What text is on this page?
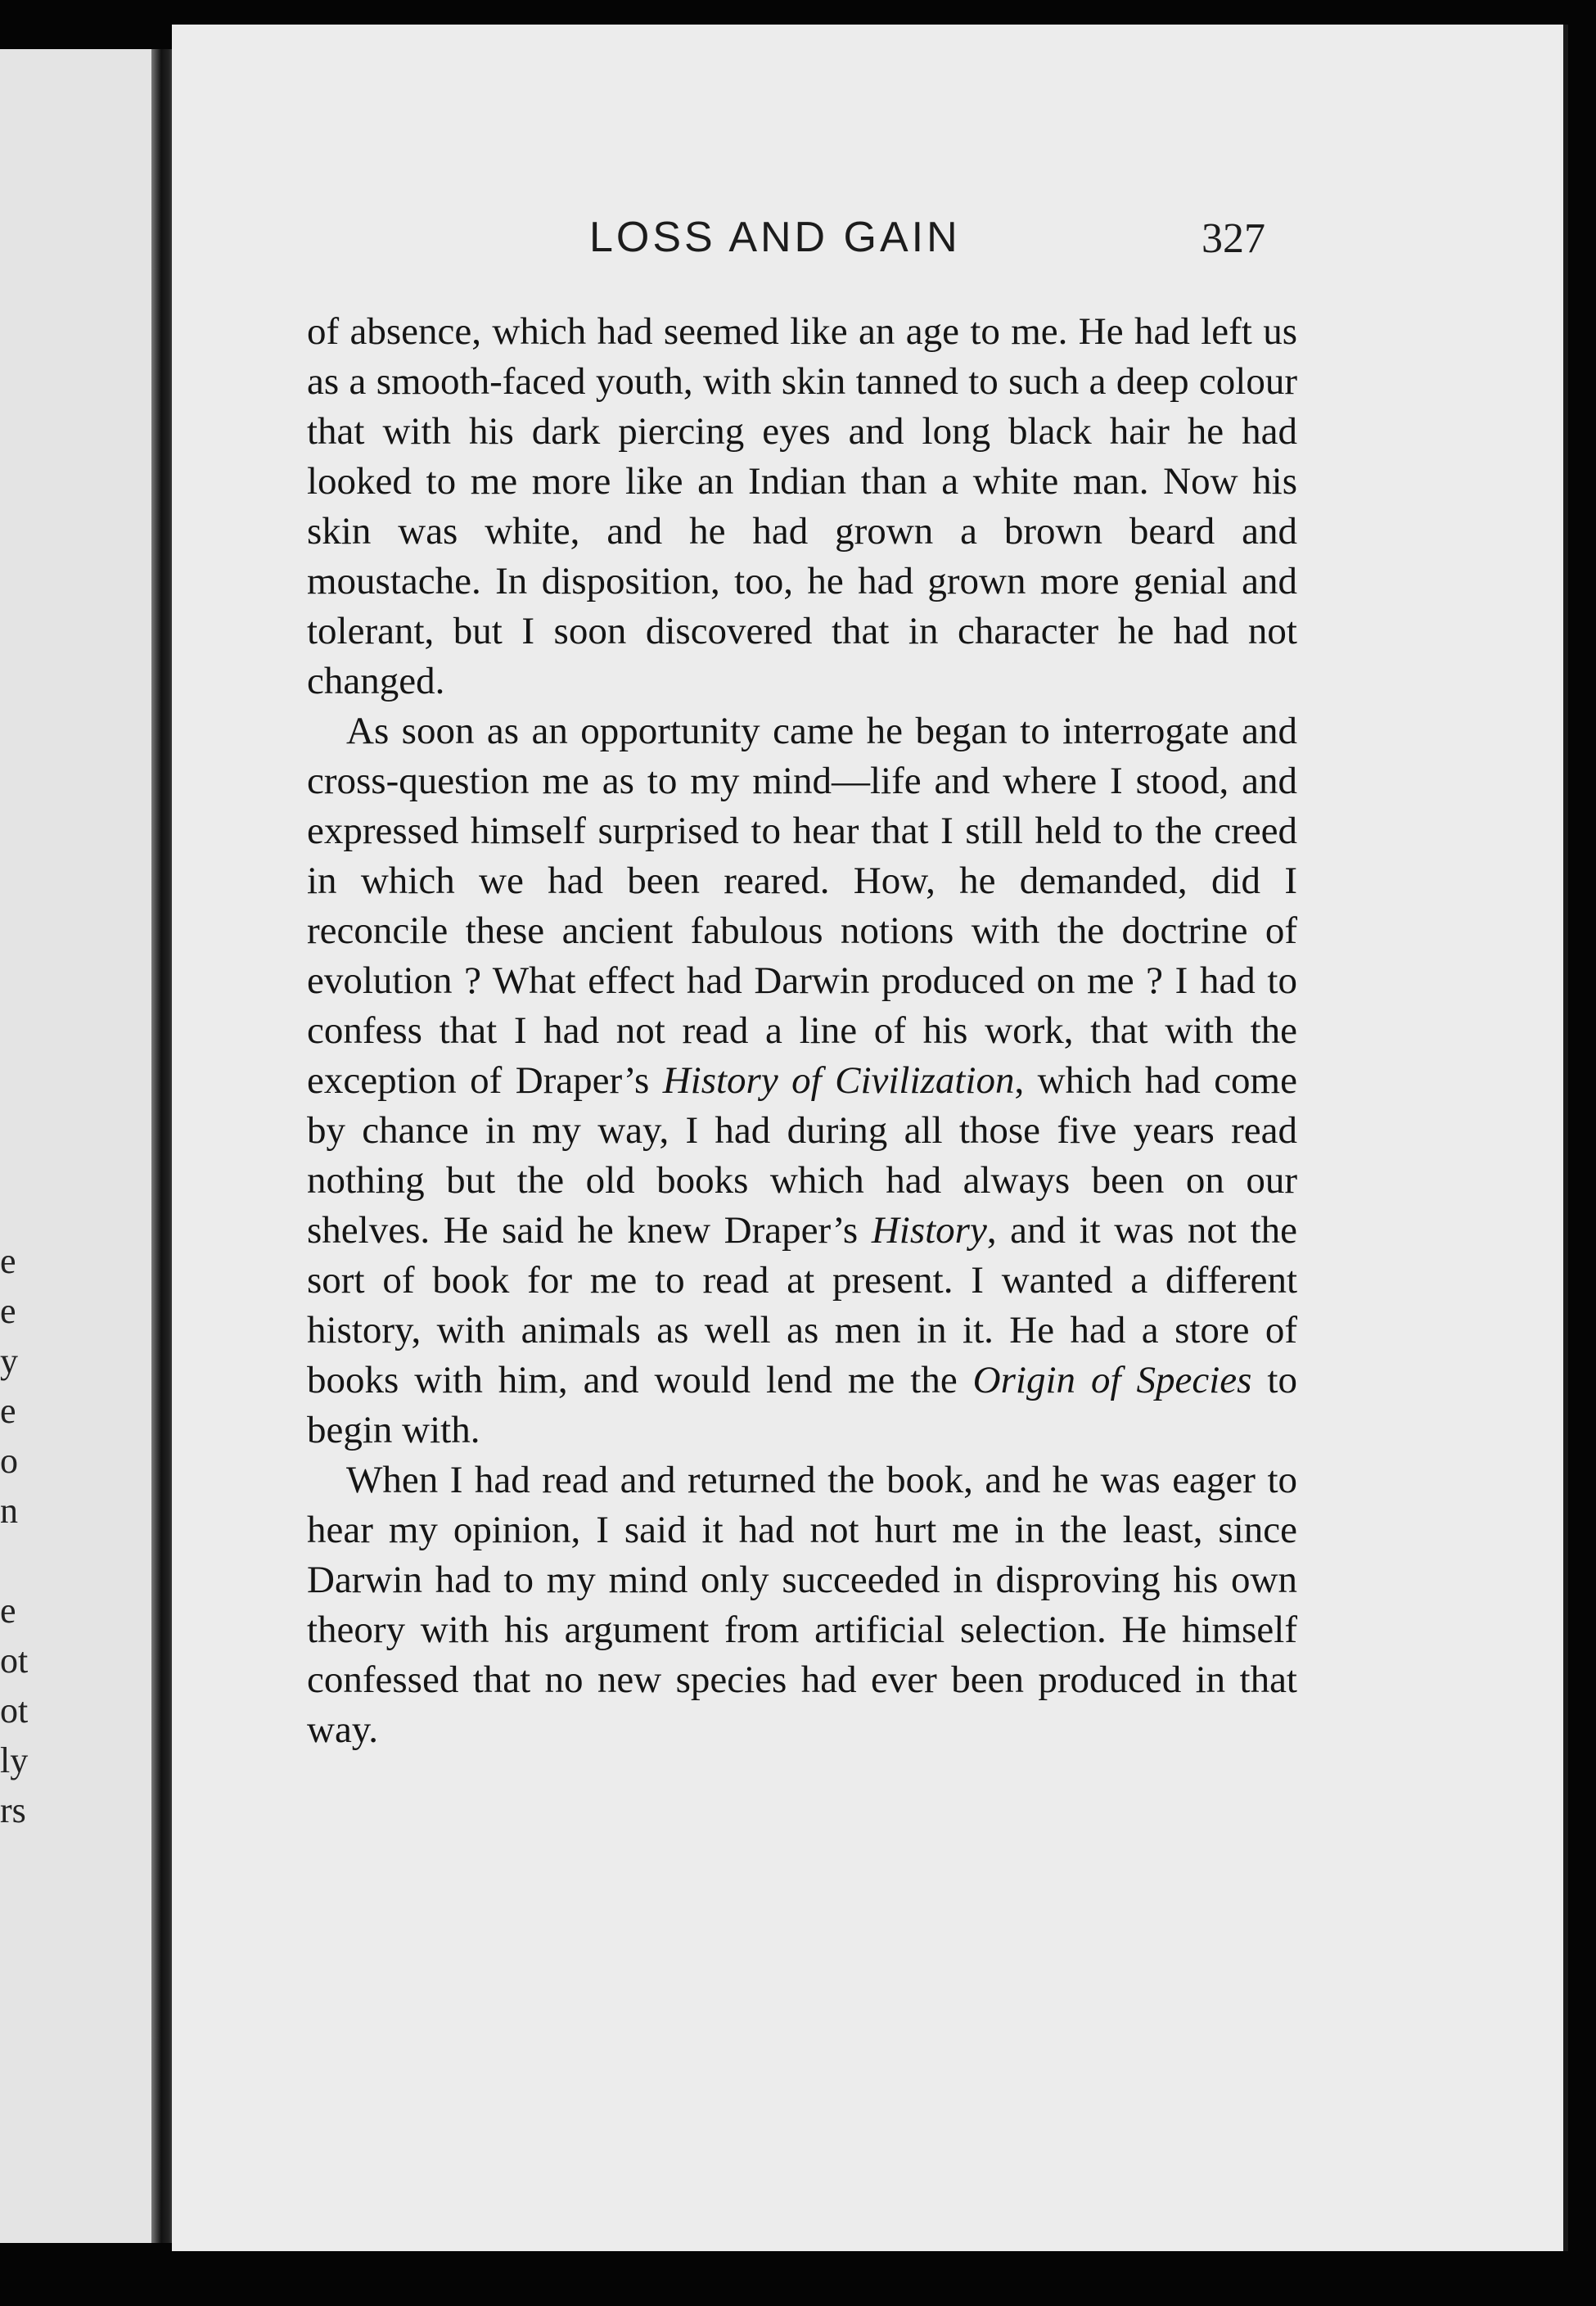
e
e
y
e
o
n
e
ot
ot
ly
rs
LOSS AND GAIN	327

of absence, which had seemed like an age to me. He had left us as a smooth-faced youth, with skin tanned to such a deep colour that with his dark piercing eyes and long black hair he had looked to me more like an Indian than a white man. Now his skin was white, and he had grown a brown beard and moustache. In disposition, too, he had grown more genial and tolerant, but I soon discovered that in character he had not changed.

As soon as an opportunity came he began to interrogate and cross-question me as to my mind—life and where I stood, and expressed himself surprised to hear that I still held to the creed in which we had been reared. How, he demanded, did I reconcile these ancient fabulous notions with the doctrine of evolution ? What effect had Darwin produced on me ? I had to confess that I had not read a line of his work, that with the exception of Draper’s History of Civilization, which had come by chance in my way, I had during all those five years read nothing but the old books which had always been on our shelves. He said he knew Draper’s History, and it was not the sort of book for me to read at present. I wanted a different history, with animals as well as men in it. He had a store of books with him, and would lend me the Origin of Species to begin with.

When I had read and returned the book, and he was eager to hear my opinion, I said it had not hurt me in the least, since Darwin had to my mind only succeeded in disproving his own theory with his argument from artificial selection. He himself confessed that no new species had ever been produced in that way.
